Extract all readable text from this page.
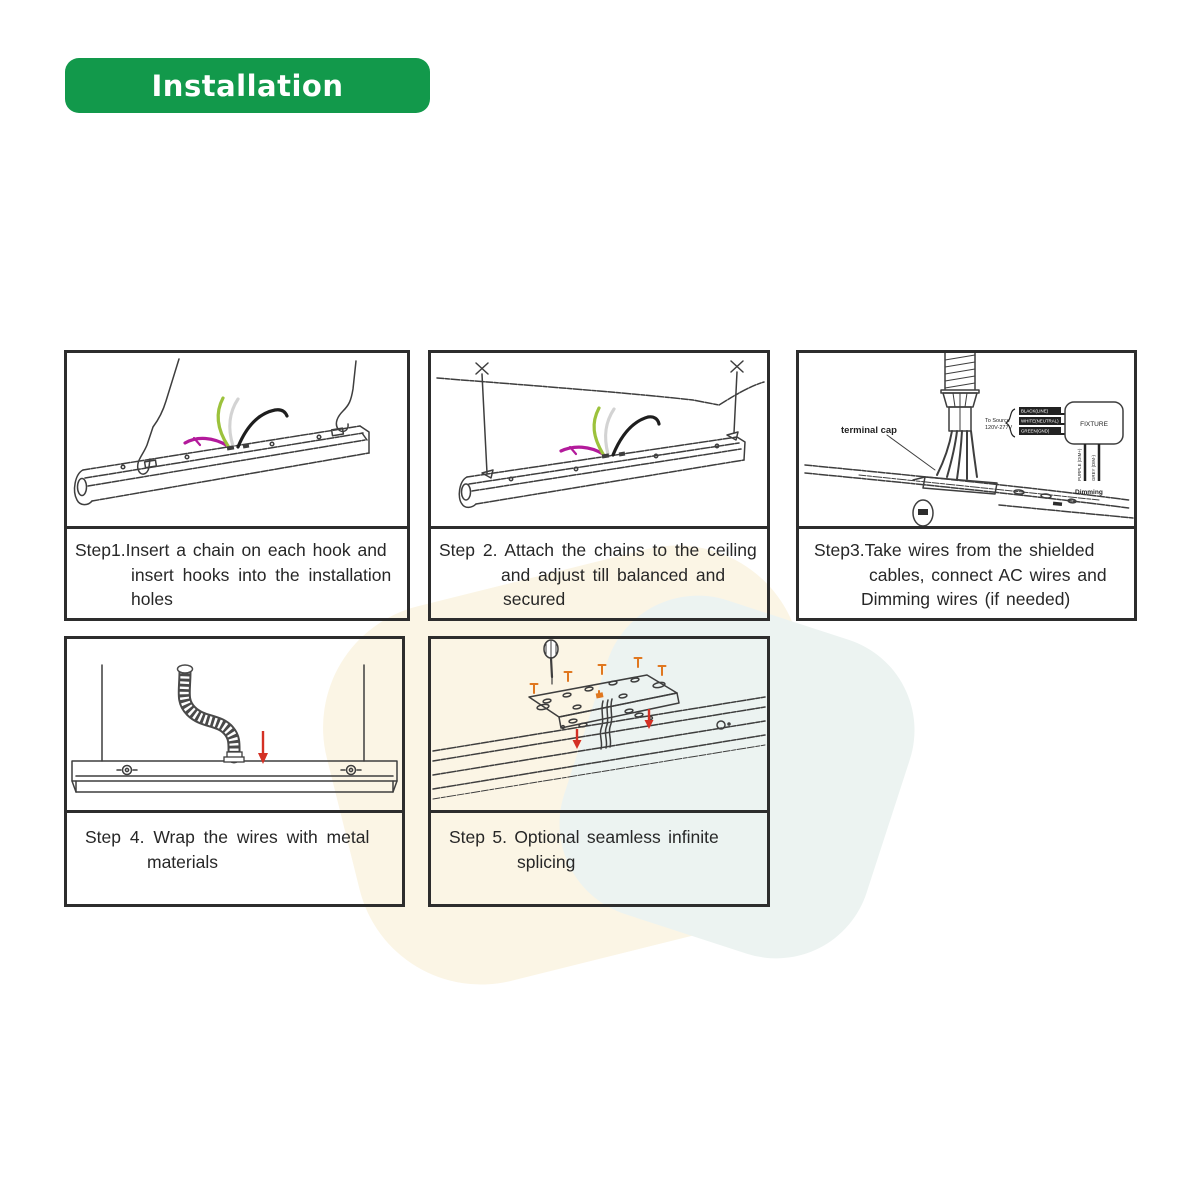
Installation
Step1.Insert a chain on each hook and
insert hooks into the installation
holes
Step 2. Attach the chains to the ceiling
and adjust till balanced and
secured
terminal cap
To Source
120V-277V
BLACK(LINE)
WHITE(NEUTRAL)
GREEN(GND)
FIXTURE
PURPLE (DIM+) GREY (DIM-)
Dimming
Step3.Take wires from the shielded
cables, connect AC wires and
Dimming wires (if needed)
Step 4. Wrap the wires with metal
materials
Step 5. Optional seamless infinite
splicing
